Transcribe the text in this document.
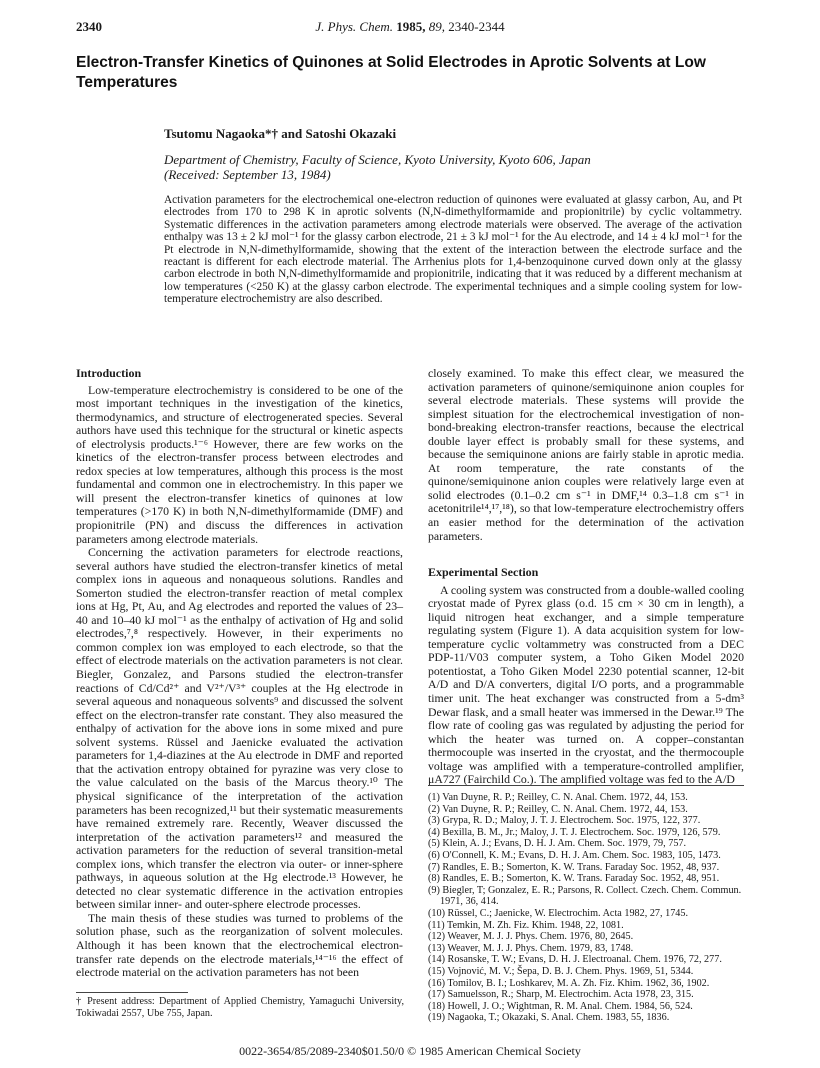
2340	J. Phys. Chem. 1985, 89, 2340-2344
Electron-Transfer Kinetics of Quinones at Solid Electrodes in Aprotic Solvents at Low Temperatures
Tsutomu Nagaoka*† and Satoshi Okazaki
Department of Chemistry, Faculty of Science, Kyoto University, Kyoto 606, Japan
(Received: September 13, 1984)

Activation parameters for the electrochemical one-electron reduction of quinones were evaluated at glassy carbon, Au, and Pt electrodes from 170 to 298 K in aprotic solvents (N,N-dimethylformamide and propionitrile) by cyclic voltammetry. Systematic differences in the activation parameters among electrode materials were observed. The average of the activation enthalpy was 13 ± 2 kJ mol⁻¹ for the glassy carbon electrode, 21 ± 3 kJ mol⁻¹ for the Au electrode, and 14 ± 4 kJ mol⁻¹ for the Pt electrode in N,N-dimethylformamide, showing that the extent of the interaction between the electrode surface and the reactant is different for each electrode material. The Arrhenius plots for 1,4-benzoquinone curved down only at the glassy carbon electrode in both N,N-dimethylformamide and propionitrile, indicating that it was reduced by a different mechanism at low temperatures (<250 K) at the glassy carbon electrode. The experimental techniques and a simple cooling system for low-temperature electrochemistry are also described.

Introduction

Low-temperature electrochemistry is considered to be one of the most important techniques in the investigation of the kinetics, thermodynamics, and structure of electrogenerated species. Several authors have used this technique for the structural or kinetic aspects of electrolysis products.¹⁻⁶ However, there are few works on the kinetics of the electron-transfer process between electrodes and redox species at low temperatures, although this process is the most fundamental and common one in electrochemistry. In this paper we will present the electron-transfer kinetics of quinones at low temperatures (>170 K) in both N,N-dimethylformamide (DMF) and propionitrile (PN) and discuss the differences in activation parameters among electrode materials.

Concerning the activation parameters for electrode reactions, several authors have studied the electron-transfer kinetics of metal complex ions in aqueous and nonaqueous solutions. Randles and Somerton studied the electron-transfer reaction of metal complex ions at Hg, Pt, Au, and Ag electrodes and reported the values of 23–40 and 10–40 kJ mol⁻¹ as the enthalpy of activation of Hg and solid electrodes,⁷,⁸ respectively. However, in their experiments no common complex ion was employed to each electrode, so that the effect of electrode materials on the activation parameters is not clear. Biegler, Gonzalez, and Parsons studied the electron-transfer reactions of Cd/Cd²⁺ and V²⁺/V³⁺ couples at the Hg electrode in several aqueous and nonaqueous solvents⁹ and discussed the solvent effect on the electron-transfer rate constant. They also measured the enthalpy of activation for the above ions in some mixed and pure solvent systems. Rüssel and Jaenicke evaluated the activation parameters for 1,4-diazines at the Au electrode in DMF and reported that the activation entropy obtained for pyrazine was very close to the value calculated on the basis of the Marcus theory.¹⁰ The physical significance of the interpretation of the activation parameters has been recognized,¹¹ but their systematic measurements have remained extremely rare. Recently, Weaver discussed the interpretation of the activation parameters¹² and measured the activation parameters for the reduction of several transition-metal complex ions, which transfer the electron via outer- or inner-sphere pathways, in aqueous solution at the Hg electrode.¹³ However, he detected no clear systematic difference in the activation entropies between similar inner- and outer-sphere electrode processes.

The main thesis of these studies was turned to problems of the solution phase, such as the reorganization of solvent molecules. Although it has been known that the electrochemical electron-transfer rate depends on the electrode materials,¹⁴⁻¹⁶ the effect of electrode material on the activation parameters has not been

closely examined. To make this effect clear, we measured the activation parameters of quinone/semiquinone anion couples for several electrode materials. These systems will provide the simplest situation for the electrochemical investigation of non-bond-breaking electron-transfer reactions, because the electrical double layer effect is probably small for these systems, and because the semiquinone anions are fairly stable in aprotic media. At room temperature, the rate constants of the quinone/semiquinone anion couples were relatively large even at solid electrodes (0.1–0.2 cm s⁻¹ in DMF,¹⁴ 0.3–1.8 cm s⁻¹ in acetonitrile¹⁴,¹⁷,¹⁸), so that low-temperature electrochemistry offers an easier method for the determination of the activation parameters.

Experimental Section

A cooling system was constructed from a double-walled cooling cryostat made of Pyrex glass (o.d. 15 cm × 30 cm in length), a liquid nitrogen heat exchanger, and a simple temperature regulating system (Figure 1). A data acquisition system for low-temperature cyclic voltammetry was constructed from a DEC PDP-11/V03 computer system, a Toho Giken Model 2020 potentiostat, a Toho Giken Model 2230 potential scanner, 12-bit A/D and D/A converters, digital I/O ports, and a programmable timer unit. The heat exchanger was constructed from a 5-dm³ Dewar flask, and a small heater was immersed in the Dewar.¹⁹ The flow rate of cooling gas was regulated by adjusting the period for which the heater was turned on. A copper–constantan thermocouple was inserted in the cryostat, and the thermocouple voltage was amplified with a temperature-controlled amplifier, μA727 (Fairchild Co.). The amplified voltage was fed to the A/D

† Present address: Department of Applied Chemistry, Yamaguchi University, Tokiwadai 2557, Ube 755, Japan.
(1) Van Duyne, R. P.; Reilley, C. N. Anal. Chem. 1972, 44, 153.
(2) Van Duyne, R. P.; Reilley, C. N. Anal. Chem. 1972, 44, 153.
(3) Grypa, R. D.; Maloy, J. T. J. Electrochem. Soc. 1975, 122, 377.
(4) Bexilla, B. M., Jr.; Maloy, J. T. J. Electrochem. Soc. 1979, 126, 579.
(5) Klein, A. J.; Evans, D. H. J. Am. Chem. Soc. 1979, 79, 757.
(6) O'Connell, K. M.; Evans, D. H. J. Am. Chem. Soc. 1983, 105, 1473.
(7) Randles, E. B.; Somerton, K. W. Trans. Faraday Soc. 1952, 48, 937.
(8) Randles, E. B.; Somerton, K. W. Trans. Faraday Soc. 1952, 48, 951.
(9) Biegler, T; Gonzalez, E. R.; Parsons, R. Collect. Czech. Chem. Commun. 1971, 36, 414.
(10) Rüssel, C.; Jaenicke, W. Electrochim. Acta 1982, 27, 1745.
(11) Temkin, M. Zh. Fiz. Khim. 1948, 22, 1081.
(12) Weaver, M. J. J. Phys. Chem. 1976, 80, 2645.
(13) Weaver, M. J. J. Phys. Chem. 1979, 83, 1748.
(14) Rosanske, T. W.; Evans, D. H. J. Electroanal. Chem. 1976, 72, 277.
(15) Vojnović, M. V.; Šepa, D. B. J. Chem. Phys. 1969, 51, 5344.
(16) Tomilov, B. I.; Loshkarev, M. A. Zh. Fiz. Khim. 1962, 36, 1902.
(17) Samuelsson, R.; Sharp, M. Electrochim. Acta 1978, 23, 315.
(18) Howell, J. O.; Wightman, R. M. Anal. Chem. 1984, 56, 524.
(19) Nagaoka, T.; Okazaki, S. Anal. Chem. 1983, 55, 1836.
0022-3654/85/2089-2340$01.50/0 © 1985 American Chemical Society
